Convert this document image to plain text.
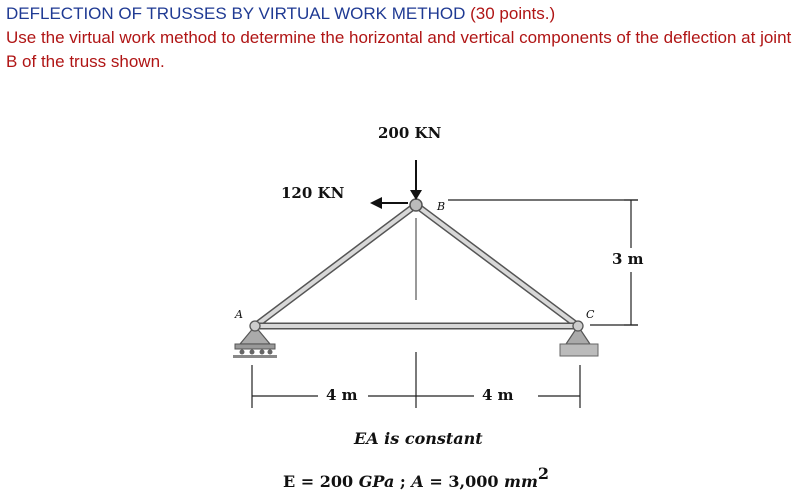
DEFLECTION OF TRUSSES BY VIRTUAL WORK METHOD (30 points.)
Use the virtual work method to determine the horizontal and vertical components of the deflection at joint B of the truss shown.
3 m
200 KN
120 KN
A
B
C
4 m	4 m
EA is constant
E = 200 GPa ; A = 3,000 mm2
